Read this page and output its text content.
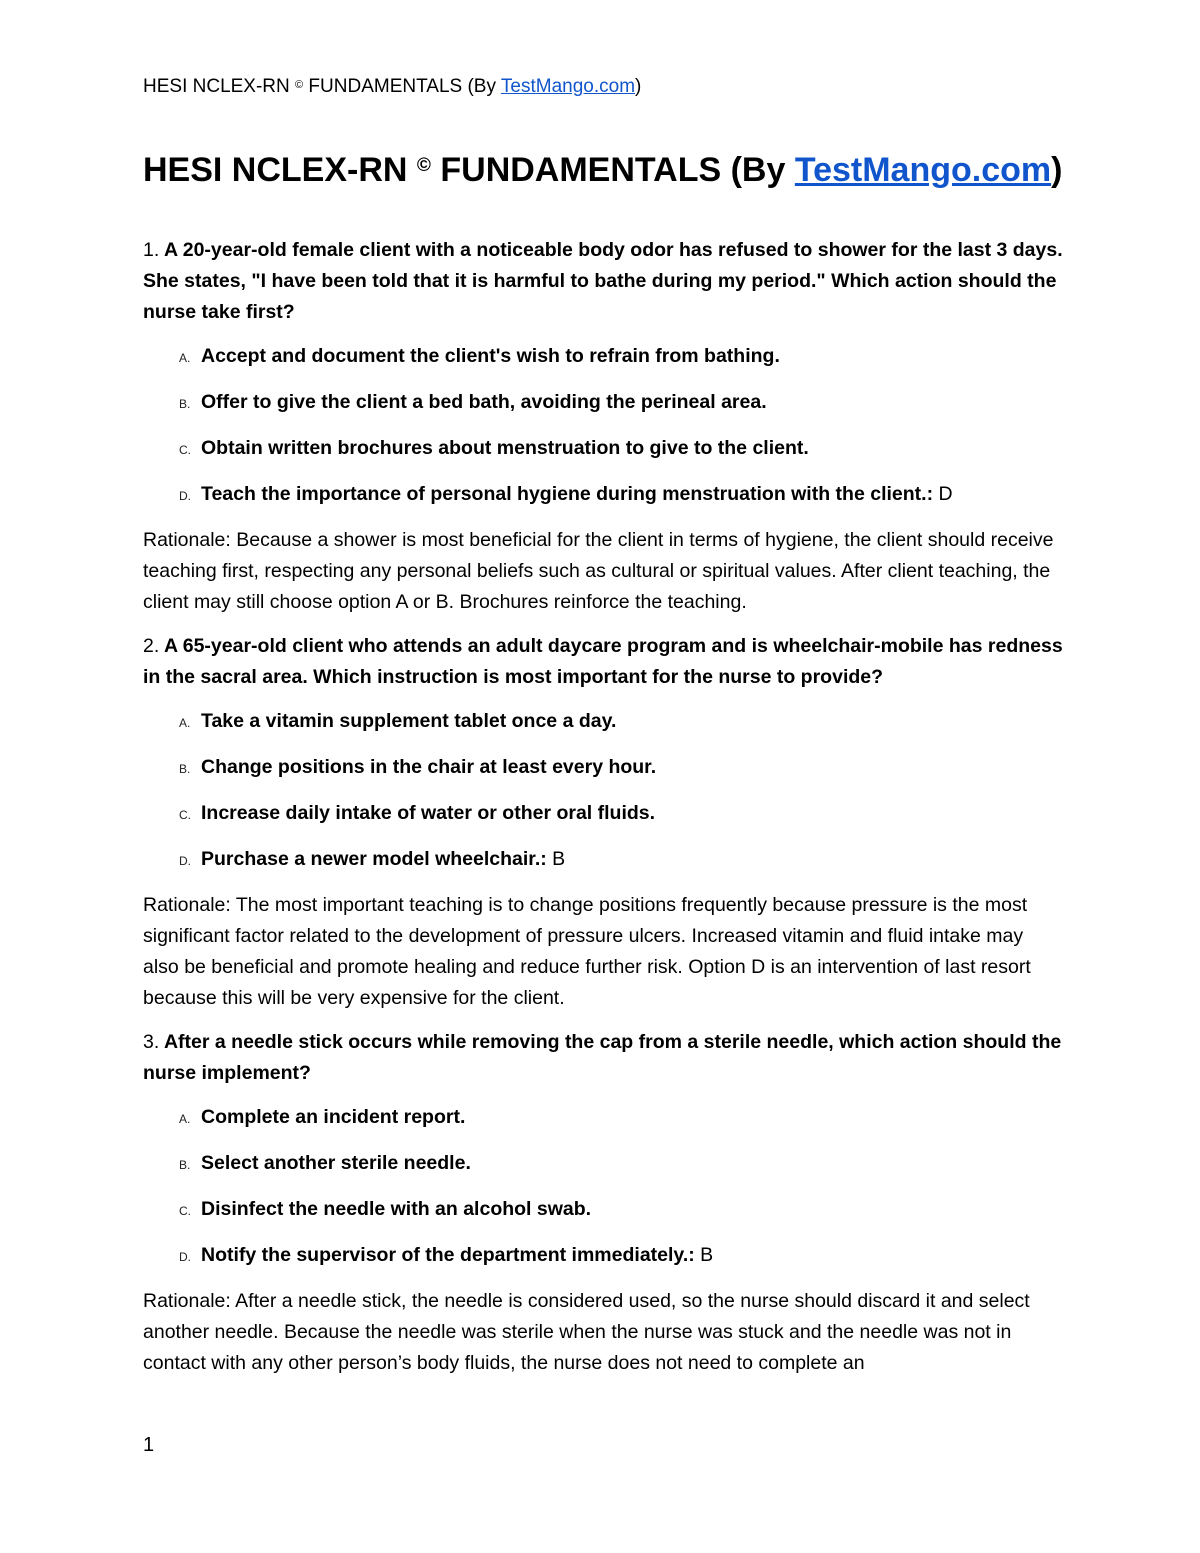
HESI NCLEX-RN © FUNDAMENTALS (By TestMango.com)
HESI NCLEX-RN © FUNDAMENTALS (By TestMango.com)

1. A 20-year-old female client with a noticeable body odor has refused to shower for the last 3 days. She states, "I have been told that it is harmful to bathe during my period." Which action should the nurse take first?

A. Accept and document the client's wish to refrain from bathing.
B. Offer to give the client a bed bath, avoiding the perineal area.
C. Obtain written brochures about menstruation to give to the client.
D. Teach the importance of personal hygiene during menstruation with the client.: D

Rationale: Because a shower is most beneficial for the client in terms of hygiene, the client should receive teaching first, respecting any personal beliefs such as cultural or spiritual values. After client teaching, the client may still choose option A or B. Brochures reinforce the teaching.

2. A 65-year-old client who attends an adult daycare program and is wheelchair-mobile has redness in the sacral area. Which instruction is most important for the nurse to provide?

A. Take a vitamin supplement tablet once a day.
B. Change positions in the chair at least every hour.
C. Increase daily intake of water or other oral fluids.
D. Purchase a newer model wheelchair.: B

Rationale: The most important teaching is to change positions frequently because pressure is the most significant factor related to the development of pressure ulcers. Increased vitamin and fluid intake may also be beneficial and promote healing and reduce further risk. Option D is an intervention of last resort because this will be very expensive for the client.

3. After a needle stick occurs while removing the cap from a sterile needle, which action should the nurse implement?

A. Complete an incident report.
B. Select another sterile needle.
C. Disinfect the needle with an alcohol swab.
D. Notify the supervisor of the department immediately.: B

Rationale: After a needle stick, the needle is considered used, so the nurse should discard it and select another needle. Because the needle was sterile when the nurse was stuck and the needle was not in contact with any other person’s body fluids, the nurse does not need to complete an

1
